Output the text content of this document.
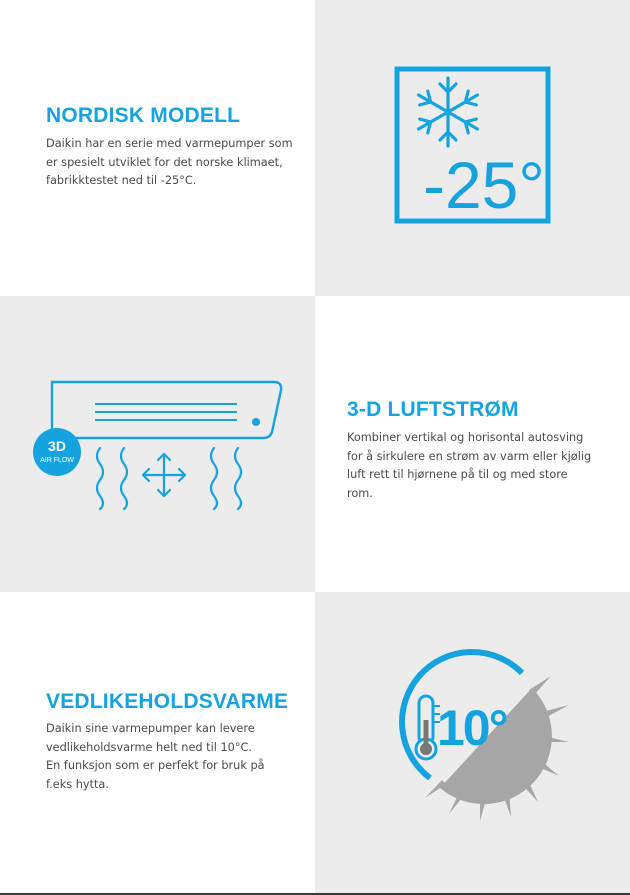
NORDISK MODELL

Daikin har en serie med varmepumper som
er spesielt utviklet for det norske klimaet,
fabrikktestet ned til -25°C.	-25°
3D
AIR FLOW
3-D LUFTSTRØM

Kombiner vertikal og horisontal autosving
for å sirkulere en strøm av varm eller kjølig
luft rett til hjørnene på til og med store
rom.

VEDLIKEHOLDSVARME

Daikin sine varmepumper kan levere
vedlikeholdsvarme helt ned til 10°C.
En funksjon som er perfekt for bruk på
f.eks hytta.

10°
